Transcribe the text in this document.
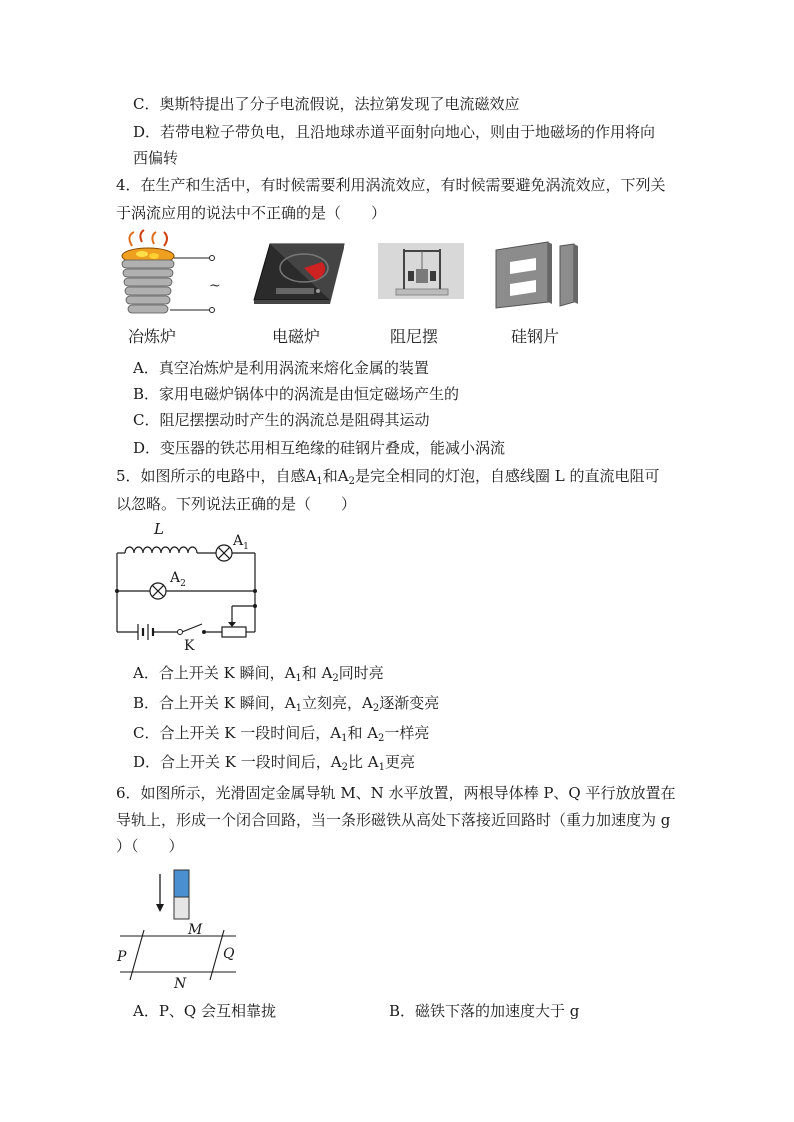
C．奥斯特提出了分子电流假说，法拉第发现了电流磁效应
D．若带电粒子带负电，且沿地球赤道平面射向地心，则由于地磁场的作用将向
西偏转
4．在生产和生活中，有时候需要利用涡流效应，有时候需要避免涡流效应，下列关
于涡流应用的说法中不正确的是（　　）
~
冶炼炉	电磁炉	阻尼摆	硅钢片
A．真空冶炼炉是利用涡流来熔化金属的装置
B．家用电磁炉锅体中的涡流是由恒定磁场产生的
C．阻尼摆摆动时产生的涡流总是阻碍其运动
D．变压器的铁芯用相互绝缘的硅钢片叠成，能减小涡流
5．如图所示的电路中，自感$A_1$和$A_2$是完全相同的灯泡，自感线圈 L 的直流电阻可
以忽略。下列说法正确的是（　　）
L
$A_1$
$A_2$
K
A．合上开关 K 瞬间，$A_1$和 $A_2$同时亮
B．合上开关 K 瞬间，$A_1$立刻亮，$A_2$逐渐变亮
C．合上开关 K 一段时间后，$A_1$和 $A_2$一样亮
D．合上开关 K 一段时间后，$A_2$比 $A_1$更亮
6．如图所示，光滑固定金属导轨 M、N 水平放置，两根导体棒 P、Q 平行放放置在
导轨上，形成一个闭合回路，当一条形磁铁从高处下落接近回路时（重力加速度为 g
）（　　）
M
N
P	Q
A．P、Q 会互相靠拢	B．磁铁下落的加速度大于 g
